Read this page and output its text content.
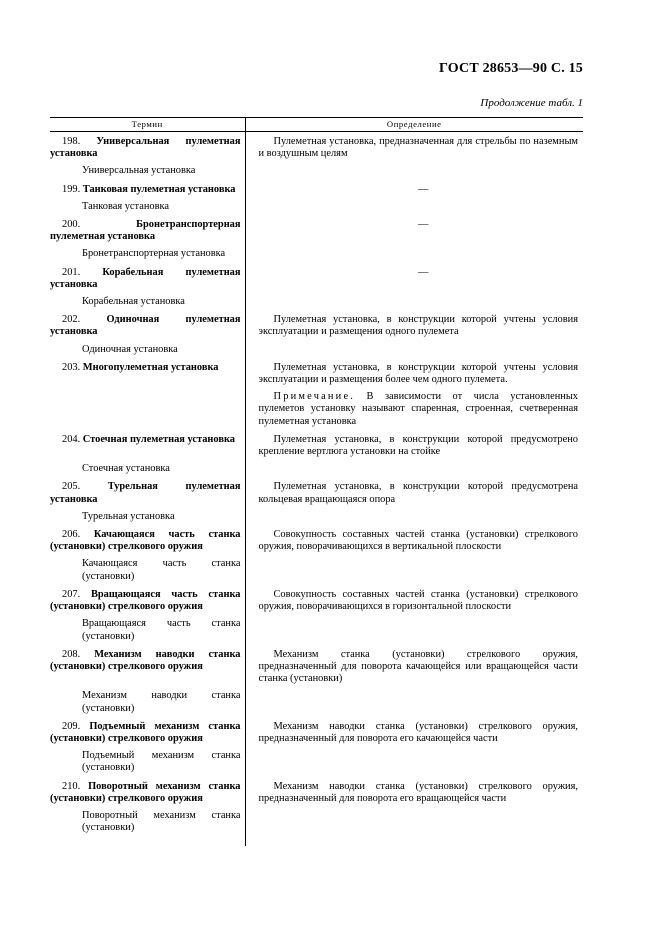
ГОСТ 28653—90 С. 15
Продолжение табл. 1
Термин	Определение

198. Универсальная пулеметная установка	Пулеметная установка, предназначенная для стрельбы по наземным и воздушным целям

Универсальная установка	

199. Танковая пулеметная установка	—

Танковая установка	

200. Бронетранспортерная пулеметная установка	—

Бронетранспортерная установка	

201. Корабельная пулеметная установка	—

Корабельная установка	

202. Одиночная пулеметная установка	Пулеметная установка, в конструкции которой учтены условия эксплуатации и размещения одного пулемета

Одиночная установка	

203. Многопулеметная установка	Пулеметная установка, в конструкции которой учтены условия эксплуатации и размещения более чем одного пулемета.

Примечание. В зависимости от числа установленных пулеметов установку называют спаренная, строенная, счетверенная пулеметная установка

204. Стоечная пулеметная установка	Пулеметная установка, в конструкции которой предусмотрено крепление вертлюга установки на стойке

Стоечная установка	

205. Турельная пулеметная установка	Пулеметная установка, в конструкции которой предусмотрена кольцевая вращающаяся опора

Турельная установка	

206. Качающаяся часть станка (установки) стрелкового оружия	Совокупность составных частей станка (установки) стрелкового оружия, поворачивающихся в вертикальной плоскости

Качающаяся часть станка (установки)	

207. Вращающаяся часть станка (установки) стрелкового оружия	Совокупность составных частей станка (установки) стрелкового оружия, поворачивающихся в горизонтальной плоскости

Вращающаяся часть станка (установки)	

208. Механизм наводки станка (установки) стрелкового оружия	Механизм станка (установки) стрелкового оружия, предназначенный для поворота качающейся или вращающейся части станка (установки)

Механизм наводки станка (установки)	

209. Подъемный механизм станка (установки) стрелкового оружия	Механизм наводки станка (установки) стрелкового оружия, предназначенный для поворота его качающейся части

Подъемный механизм станка (установки)	

210. Поворотный механизм станка (установки) стрелкового оружия	Механизм наводки станка (установки) стрелкового оружия, предназначенный для поворота его вращающейся части

Поворотный механизм станка (установки)	
